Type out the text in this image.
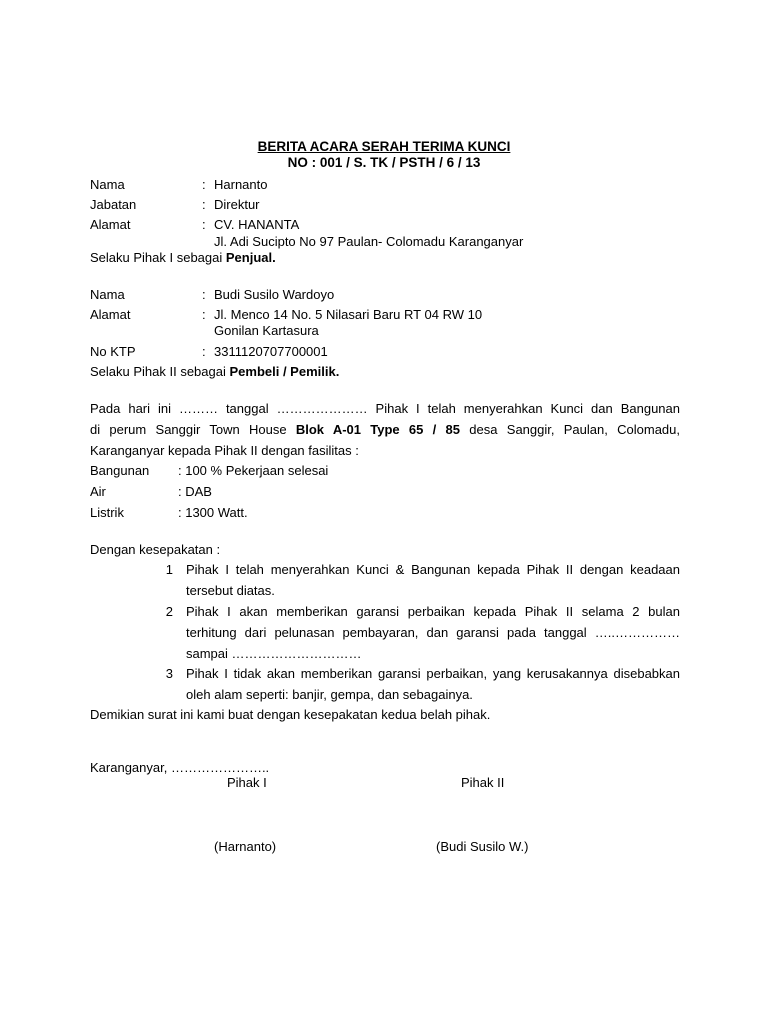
BERITA ACARA SERAH TERIMA KUNCI
NO : 001 / S. TK / PSTH / 6 / 13
Nama	: Harnanto
Jabatan	: Direktur
Alamat	: CV. HANANTA
Jl. Adi Sucipto No 97 Paulan- Colomadu Karanganyar
Selaku Pihak I sebagai Penjual.
Nama	: Budi Susilo Wardoyo
Alamat	: Jl. Menco 14 No. 5 Nilasari Baru RT 04 RW 10
Gonilan Kartasura
No KTP	: 3311120707700001
Selaku Pihak II sebagai Pembeli / Pemilik.
Pada hari ini ……… tanggal ………………… Pihak I telah menyerahkan Kunci dan Bangunan
di perum Sanggir Town House Blok A-01 Type 65 / 85 desa Sanggir, Paulan, Colomadu,
Karanganyar kepada Pihak II dengan fasilitas :
Bangunan : 100 % Pekerjaan selesai
Air	: DAB
Listrik	: 1300 Watt.
Dengan kesepakatan :
1 Pihak I telah menyerahkan Kunci & Bangunan kepada Pihak II dengan keadaan
tersebut diatas.
2 Pihak I akan memberikan garansi perbaikan kepada Pihak II selama 2 bulan
terhitung dari pelunasan pembayaran, dan garansi pada tanggal …..……………
sampai …………………………
3 Pihak I tidak akan memberikan garansi perbaikan, yang kerusakannya disebabkan
oleh alam seperti: banjir, gempa, dan sebagainya.
Demikian surat ini kami buat dengan kesepakatan kedua belah pihak.
Karanganyar, …………………..
Pihak I	Pihak II
(Harnanto)	(Budi Susilo W.)
